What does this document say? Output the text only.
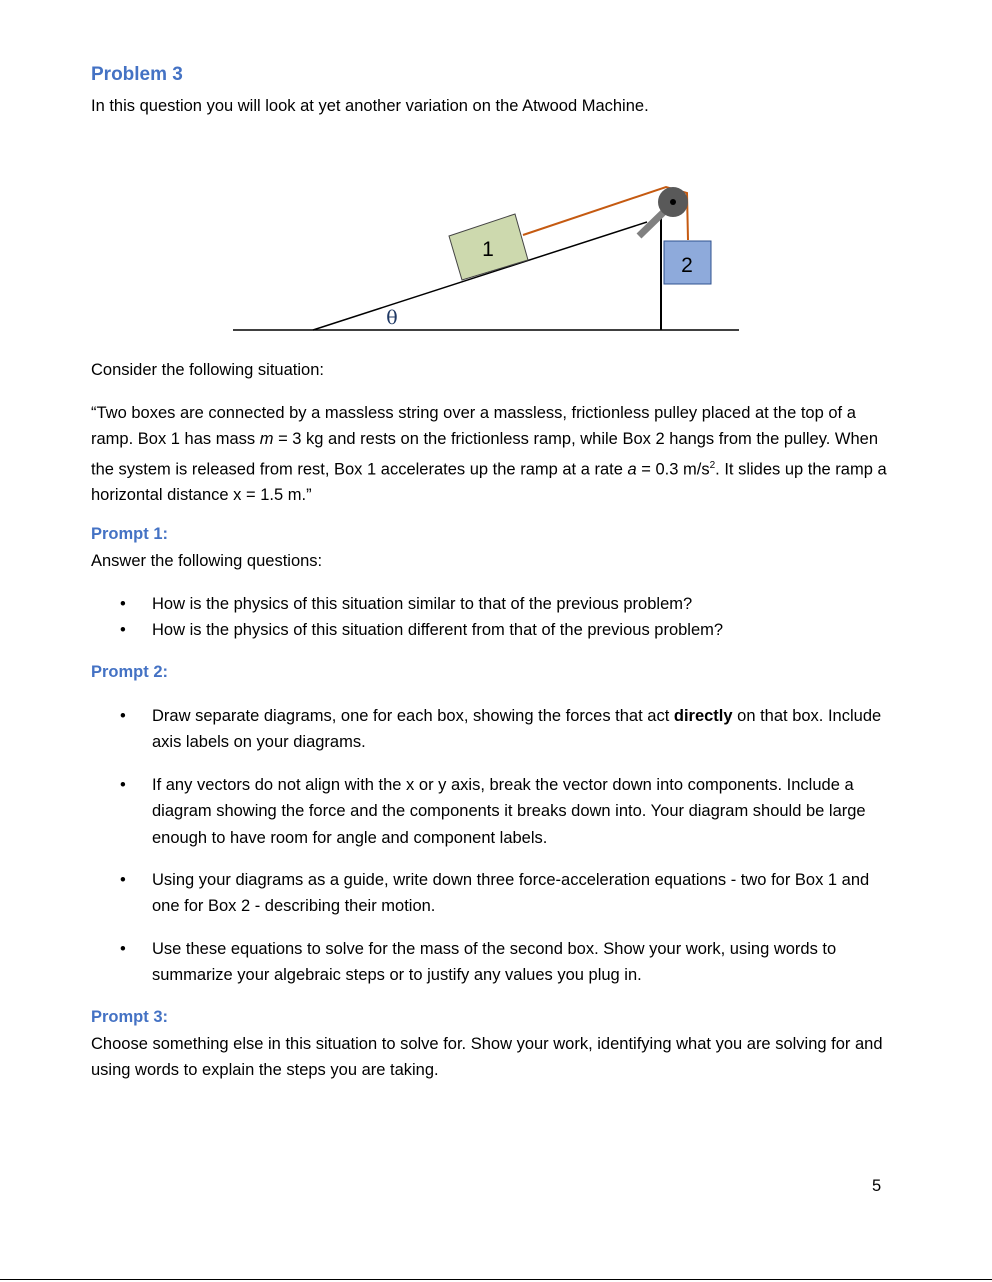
Problem 3
In this question you will look at yet another variation on the Atwood Machine.
1
2
θ
Consider the following situation:
“Two boxes are connected by a massless string over a massless, frictionless pulley placed at the top of a ramp. Box 1 has mass m = 3 kg and rests on the frictionless ramp, while Box 2 hangs from the pulley. When the system is released from rest, Box 1 accelerates up the ramp at a rate a = 0.3 $m/s^2$. It slides up the ramp a horizontal distance x = 1.5 m.”
Prompt 1:
Answer the following questions:
• How is the physics of this situation similar to that of the previous problem?
• How is the physics of this situation different from that of the previous problem?
Prompt 2:
• Draw separate diagrams, one for each box, showing the forces that act directly on that box. Include axis labels on your diagrams.
• If any vectors do not align with the x or y axis, break the vector down into components. Include a diagram showing the force and the components it breaks down into. Your diagram should be large enough to have room for angle and component labels.
• Using your diagrams as a guide, write down three force-acceleration equations - two for Box 1 and one for Box 2 - describing their motion.
• Use these equations to solve for the mass of the second box. Show your work, using words to summarize your algebraic steps or to justify any values you plug in.
Prompt 3:
Choose something else in this situation to solve for. Show your work, identifying what you are solving for and using words to explain the steps you are taking.
5
